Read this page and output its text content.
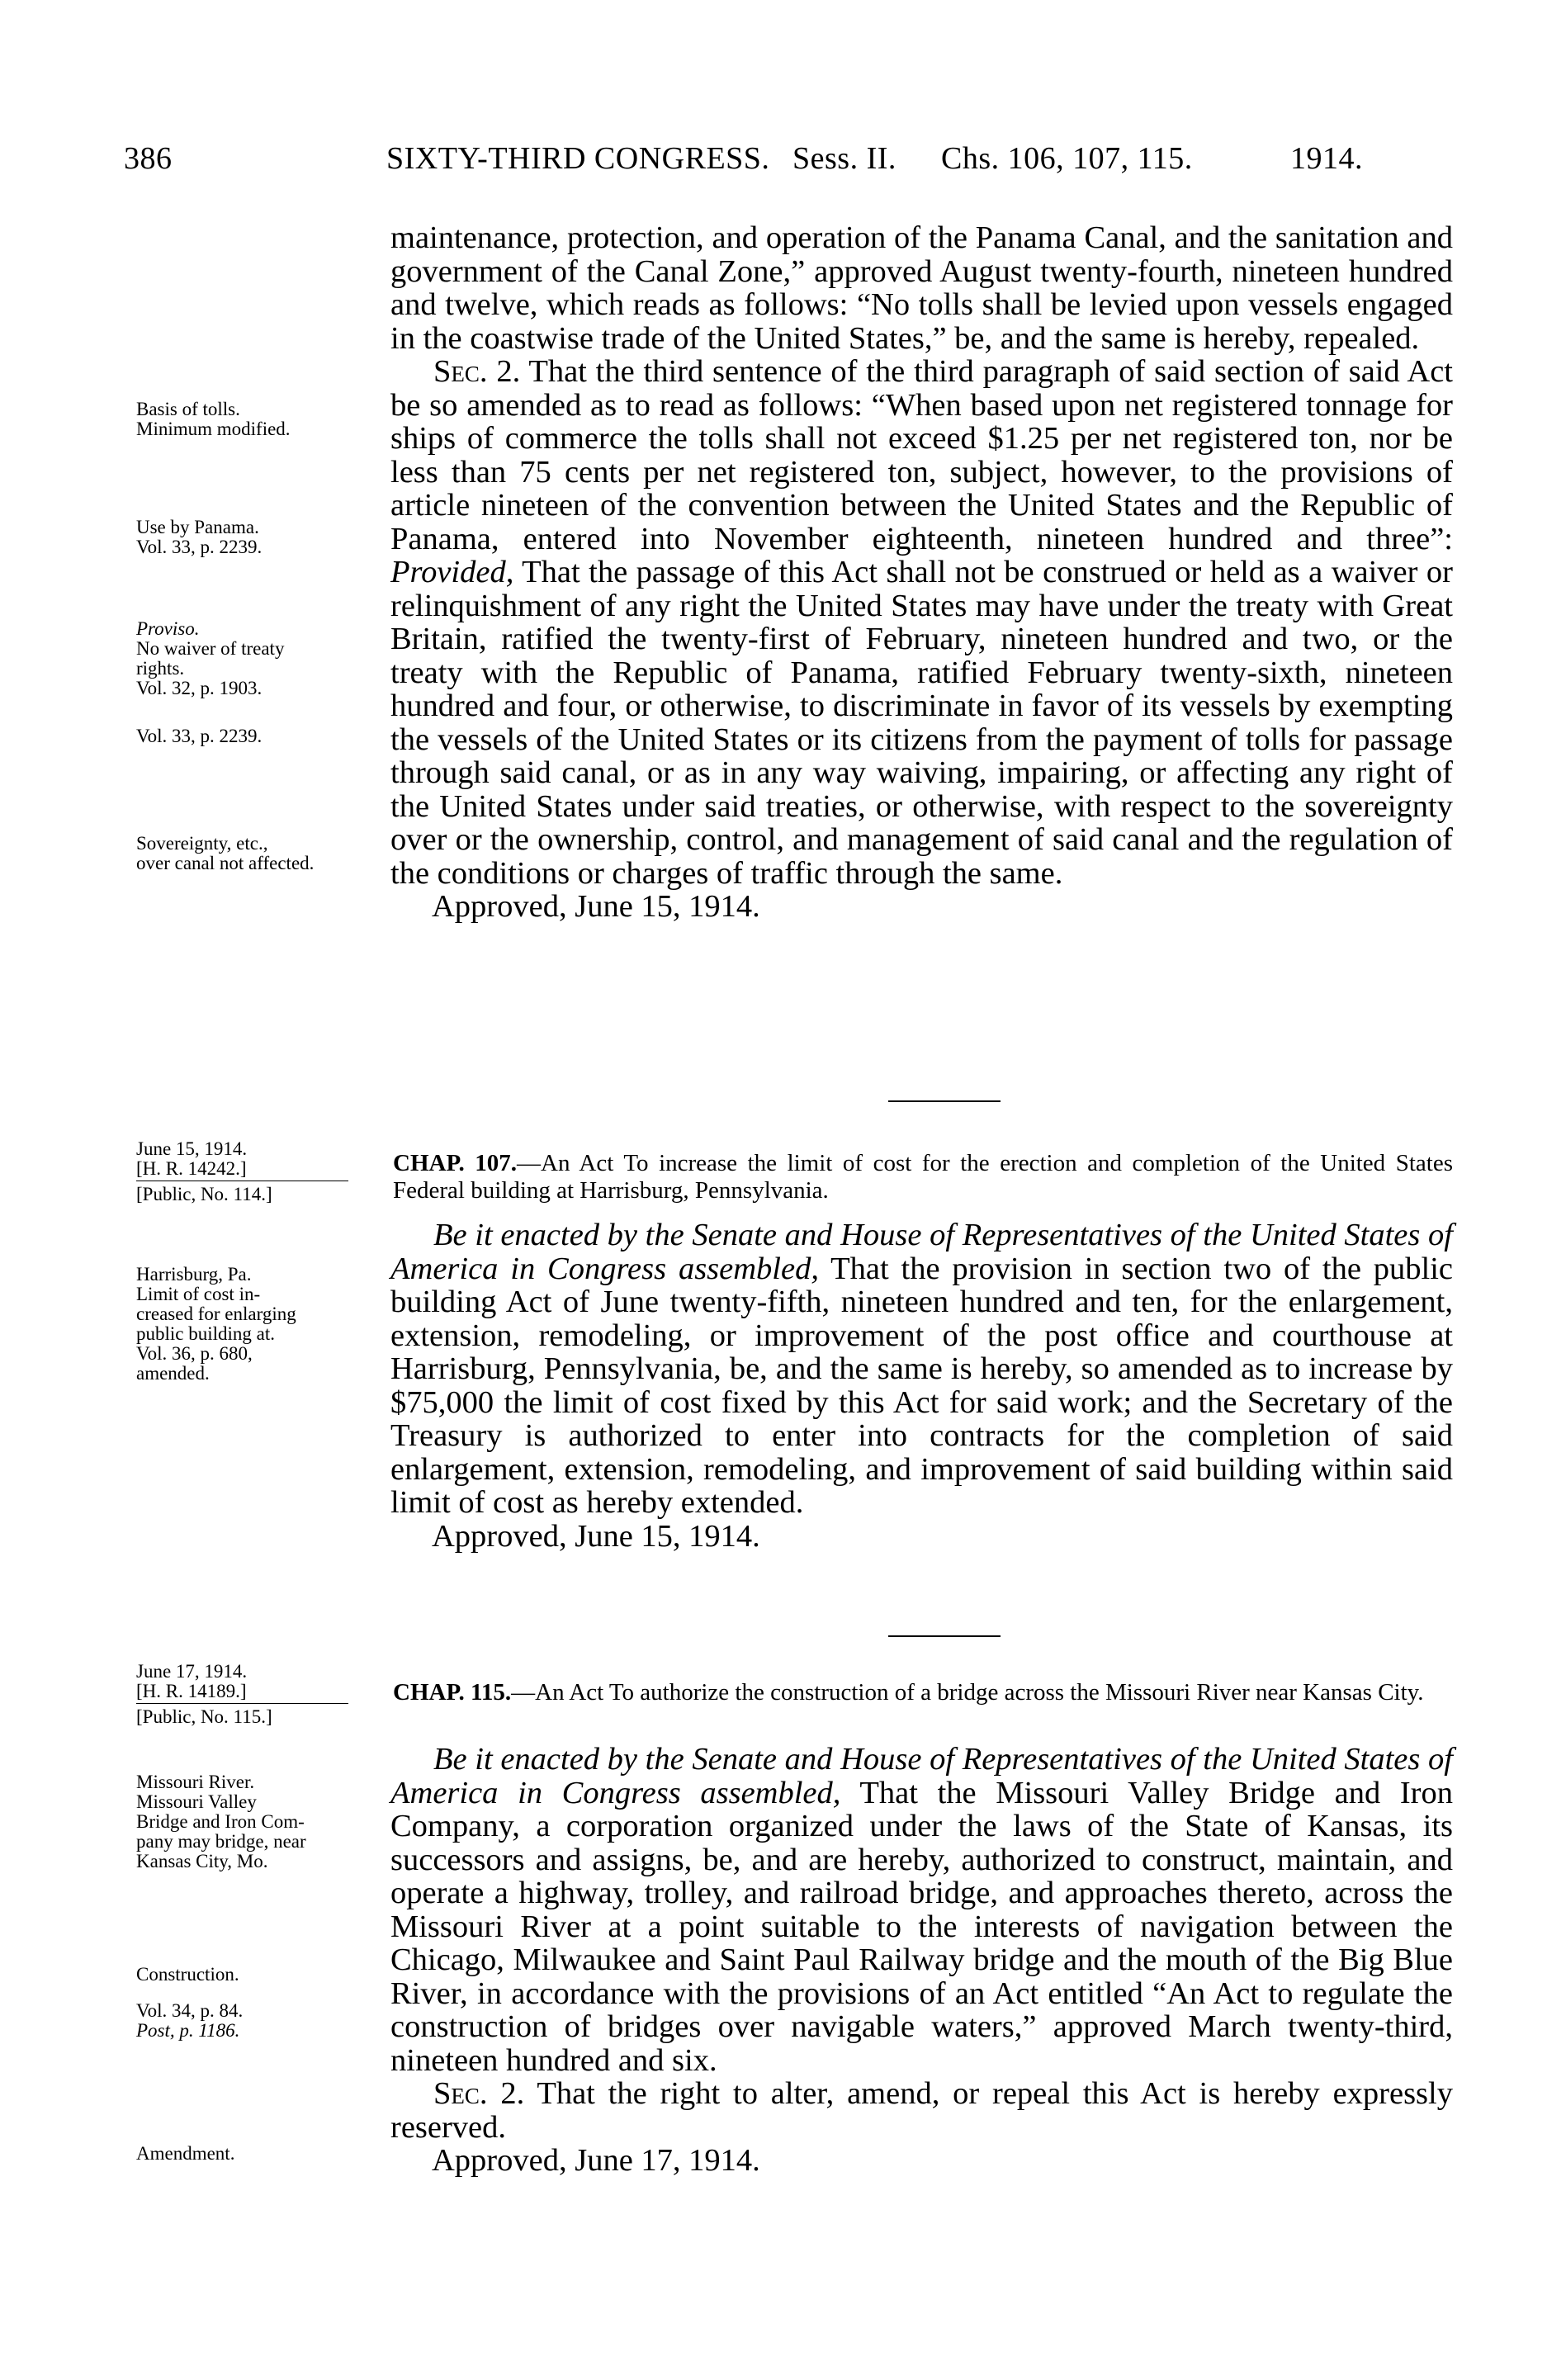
386	SIXTY-THIRD CONGRESS. Sess. II. Chs. 106, 107, 115.	1914.

maintenance, protection, and operation of the Panama Canal, and the sanitation and government of the Canal Zone,” approved August twenty-fourth, nineteen hundred and twelve, which reads as follows: “No tolls shall be levied upon vessels engaged in the coastwise trade of the United States,” be, and the same is hereby, repealed.

Sec. 2. That the third sentence of the third paragraph of said section of said Act be so amended as to read as follows: “When based upon net registered tonnage for ships of commerce the tolls shall not exceed $1.25 per net registered ton, nor be less than 75 cents per net registered ton, subject, however, to the provisions of article nineteen of the convention between the United States and the Republic of Panama, entered into November eighteenth, nineteen hundred and three”: Provided, That the passage of this Act shall not be construed or held as a waiver or relinquishment of any right the United States may have under the treaty with Great Britain, ratified the twenty-first of February, nineteen hundred and two, or the treaty with the Republic of Panama, ratified February twenty-sixth, nineteen hundred and four, or otherwise, to discriminate in favor of its vessels by exempting the vessels of the United States or its citizens from the payment of tolls for passage through said canal, or as in any way waiving, impairing, or affecting any right of the United States under said treaties, or otherwise, with respect to the sovereignty over or the ownership, control, and management of said canal and the regulation of the conditions or charges of traffic through the same.

Approved, June 15, 1914.

Basis of tolls.
Minimum modified.
Use by Panama.
Vol. 33, p. 2239.
Proviso.
No waiver of treaty
rights.
Vol. 32, p. 1903.
Vol. 33, p. 2239.
Sovereignty, etc.,
over canal not affected.
June 15, 1914.
[H. R. 14242.]
[Public, No. 114.]
CHAP. 107.—An Act To increase the limit of cost for the erection and completion of the United States Federal building at Harrisburg, Pennsylvania.

Be it enacted by the Senate and House of Representatives of the United States of America in Congress assembled, That the provision in section two of the public building Act of June twenty-fifth, nineteen hundred and ten, for the enlargement, extension, remodeling, or improvement of the post office and courthouse at Harrisburg, Pennsylvania, be, and the same is hereby, so amended as to increase by $75,000 the limit of cost fixed by this Act for said work; and the Secretary of the Treasury is authorized to enter into contracts for the completion of said enlargement, extension, remodeling, and improvement of said building within said limit of cost as hereby extended.

Approved, June 15, 1914.

Harrisburg, Pa.
Limit of cost in-
creased for enlarging
public building at.
Vol. 36, p. 680,
amended.
June 17, 1914.
[H. R. 14189.]
[Public, No. 115.]
CHAP. 115.—An Act To authorize the construction of a bridge across the Missouri River near Kansas City.

Be it enacted by the Senate and House of Representatives of the United States of America in Congress assembled, That the Missouri Valley Bridge and Iron Company, a corporation organized under the laws of the State of Kansas, its successors and assigns, be, and are hereby, authorized to construct, maintain, and operate a highway, trolley, and railroad bridge, and approaches thereto, across the Missouri River at a point suitable to the interests of navigation between the Chicago, Milwaukee and Saint Paul Railway bridge and the mouth of the Big Blue River, in accordance with the provisions of an Act entitled “An Act to regulate the construction of bridges over navigable waters,” approved March twenty-third, nineteen hundred and six.

Sec. 2. That the right to alter, amend, or repeal this Act is hereby expressly reserved.

Approved, June 17, 1914.

Missouri River.
Missouri Valley
Bridge and Iron Com-
pany may bridge, near
Kansas City, Mo.
Construction.
Vol. 34, p. 84.
Post, p. 1186.
Amendment.
